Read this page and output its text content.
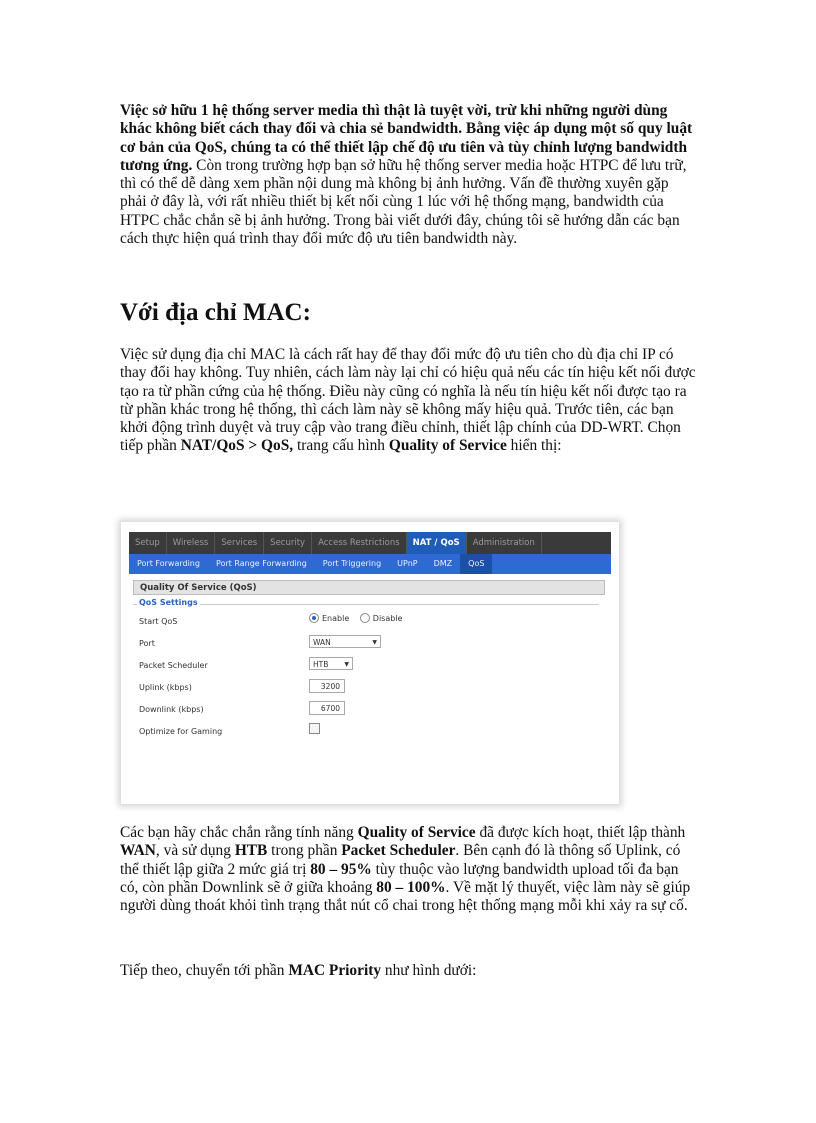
Việc sở hữu 1 hệ thống server media thì thật là tuyệt vời, trừ khi những người dùng khác không biết cách thay đổi và chia sẻ bandwidth. Bằng việc áp dụng một số quy luật cơ bản của QoS, chúng ta có thể thiết lập chế độ ưu tiên và tùy chỉnh lượng bandwidth tương ứng. Còn trong trường hợp bạn sở hữu hệ thống server media hoặc HTPC để lưu trữ, thì có thể dễ dàng xem phần nội dung mà không bị ảnh hưởng. Vấn đề thường xuyên gặp phải ở đây là, với rất nhiều thiết bị kết nối cùng 1 lúc với hệ thống mạng, bandwidth của HTPC chắc chắn sẽ bị ảnh hưởng. Trong bài viết dưới đây, chúng tôi sẽ hướng dẫn các bạn cách thực hiện quá trình thay đổi mức độ ưu tiên bandwidth này.

Với địa chỉ MAC:

Việc sử dụng địa chỉ MAC là cách rất hay để thay đổi mức độ ưu tiên cho dù địa chỉ IP có thay đổi hay không. Tuy nhiên, cách làm này lại chỉ có hiệu quả nếu các tín hiệu kết nối được tạo ra từ phần cứng của hệ thống. Điều này cũng có nghĩa là nếu tín hiệu kết nối được tạo ra từ phần khác trong hệ thống, thì cách làm này sẽ không mấy hiệu quả. Trước tiên, các bạn khởi động trình duyệt và truy cập vào trang điều chỉnh, thiết lập chính của DD-WRT. Chọn tiếp phần NAT/QoS > QoS, trang cấu hình Quality of Service hiển thị:

Các bạn hãy chắc chắn rằng tính năng Quality of Service đã được kích hoạt, thiết lập thành WAN, và sử dụng HTB trong phần Packet Scheduler. Bên cạnh đó là thông số Uplink, có thể thiết lập giữa 2 mức giá trị 80 – 95% tùy thuộc vào lượng bandwidth upload tối đa bạn có, còn phần Downlink sẽ ở giữa khoảng 80 – 100%. Về mặt lý thuyết, việc làm này sẽ giúp người dùng thoát khỏi tình trạng thắt nút cổ chai trong hệt thống mạng mỗi khi xảy ra sự cố.

Tiếp theo, chuyển tới phần MAC Priority như hình dưới:

Setup	Wireless	Services	Security	Access Restrictions	NAT / QoS	Administration
Port Forwarding	Port Range Forwarding	Port Triggering	UPnP	DMZ	QoS
Quality Of Service (QoS)
QoS Settings
Start QoS	Enable	Disable
Port	WAN	▼
Packet Scheduler	HTB	▼
Uplink (kbps)	3200
Downlink (kbps)	6700
Optimize for Gaming
